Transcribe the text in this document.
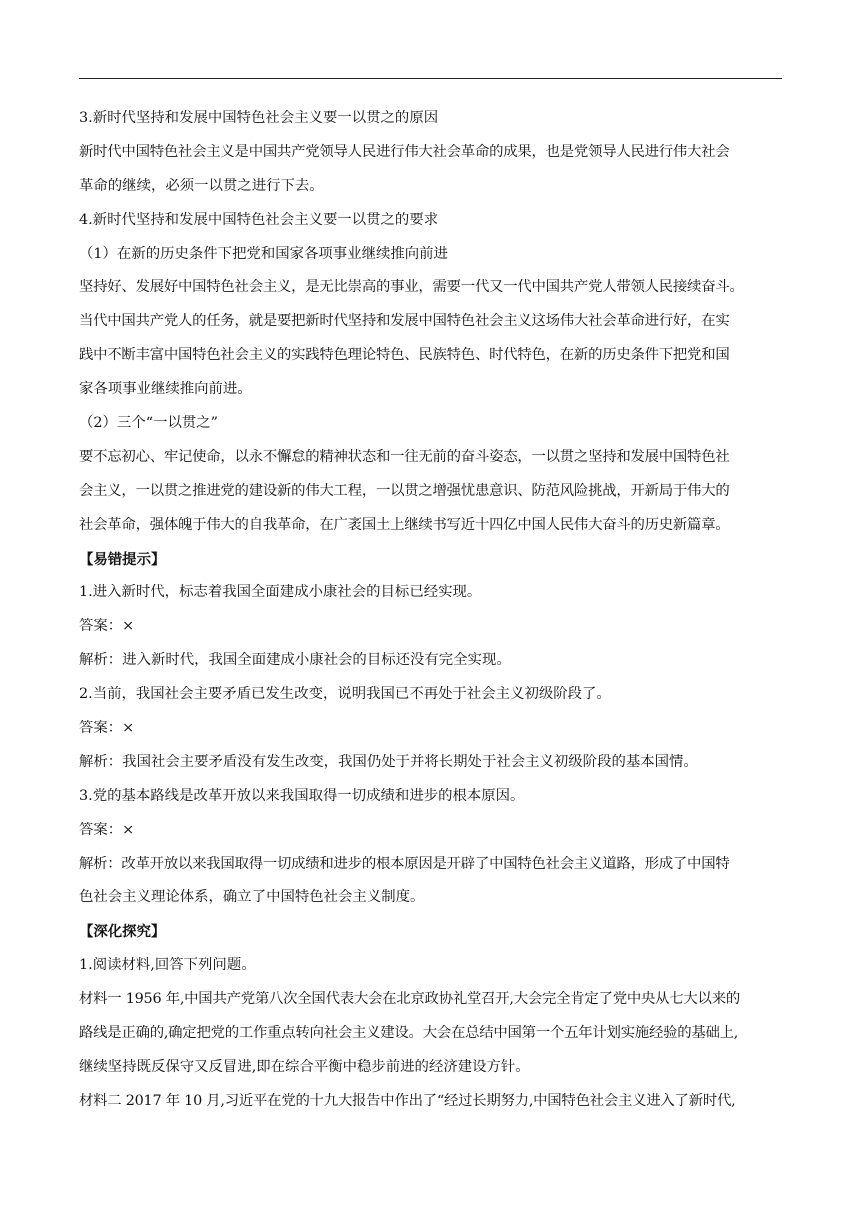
3.新时代坚持和发展中国特色社会主义要一以贯之的原因
新时代中国特色社会主义是中国共产党领导人民进行伟大社会革命的成果，也是党领导人民进行伟大社会
革命的继续，必须一以贯之进行下去。
4.新时代坚持和发展中国特色社会主义要一以贯之的要求
（1）在新的历史条件下把党和国家各项事业继续推向前进
坚持好、发展好中国特色社会主义，是无比崇高的事业，需要一代又一代中国共产党人带领人民接续奋斗。
当代中国共产党人的任务，就是要把新时代坚持和发展中国特色社会主义这场伟大社会革命进行好，在实
践中不断丰富中国特色社会主义的实践特色理论特色、民族特色、时代特色，在新的历史条件下把党和国
家各项事业继续推向前进。
（2）三个“一以贯之”
要不忘初心、牢记使命，以永不懈怠的精神状态和一往无前的奋斗姿态，一以贯之坚持和发展中国特色社
会主义，一以贯之推进党的建设新的伟大工程，一以贯之增强忧患意识、防范风险挑战，开新局于伟大的
社会革命，强体魄于伟大的自我革命，在广袤国土上继续书写近十四亿中国人民伟大奋斗的历史新篇章。
【易错提示】
1.进入新时代，标志着我国全面建成小康社会的目标已经实现。
答案：×
解析：进入新时代，我国全面建成小康社会的目标还没有完全实现。
2.当前，我国社会主要矛盾已发生改变，说明我国已不再处于社会主义初级阶段了。
答案：×
解析：我国社会主要矛盾没有发生改变，我国仍处于并将长期处于社会主义初级阶段的基本国情。
3.党的基本路线是改革开放以来我国取得一切成绩和进步的根本原因。
答案：×
解析：改革开放以来我国取得一切成绩和进步的根本原因是开辟了中国特色社会主义道路，形成了中国特
色社会主义理论体系，确立了中国特色社会主义制度。
【深化探究】
1.阅读材料,回答下列问题。
材料一 1956 年,中国共产党第八次全国代表大会在北京政协礼堂召开,大会完全肯定了党中央从七大以来的
路线是正确的,确定把党的工作重点转向社会主义建设。大会在总结中国第一个五年计划实施经验的基础上,
继续坚持既反保守又反冒进,即在综合平衡中稳步前进的经济建设方针。
材料二 2017 年 10 月,习近平在党的十九大报告中作出了“经过长期努力,中国特色社会主义进入了新时代,
